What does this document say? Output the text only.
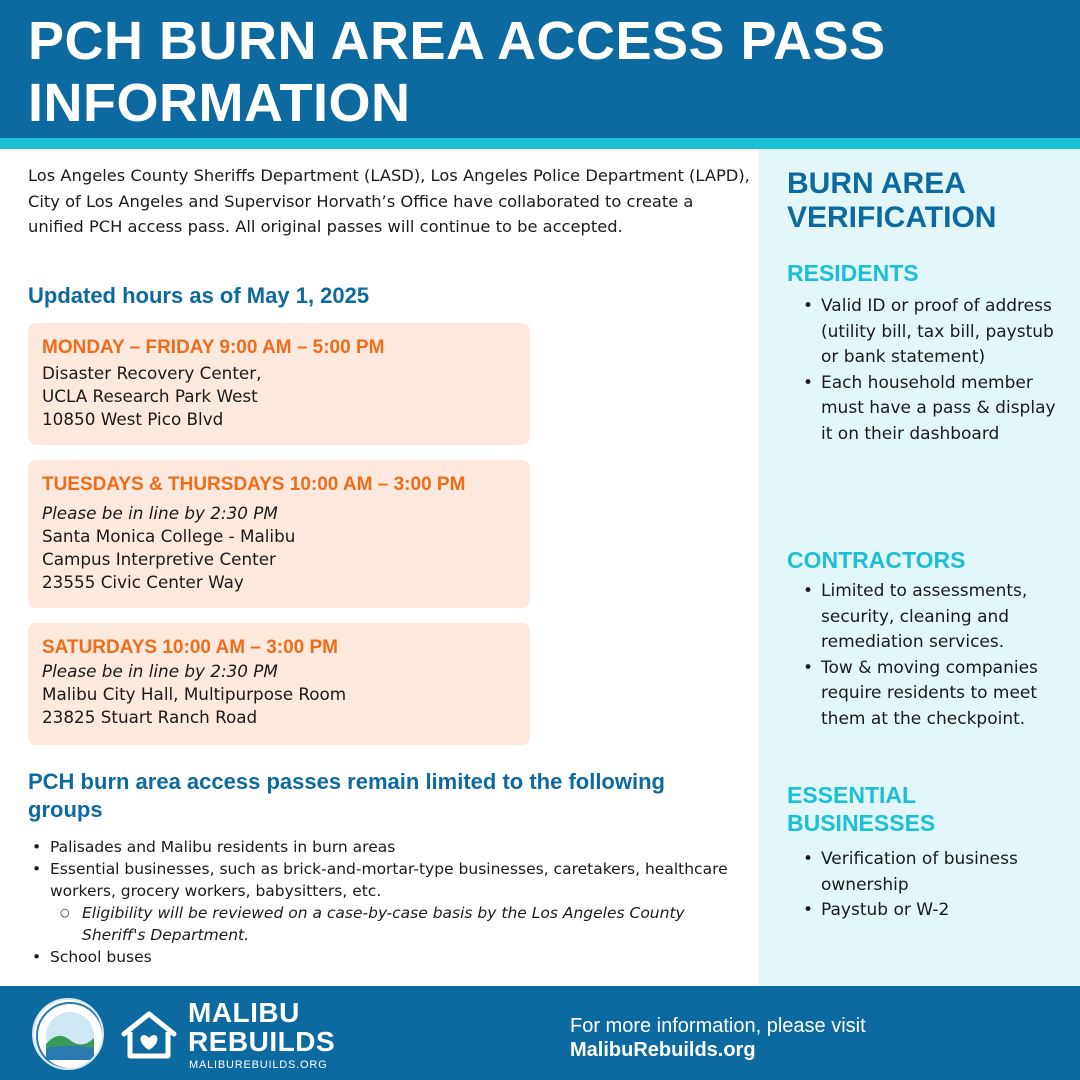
PCH BURN AREA ACCESS PASS INFORMATION

Los Angeles County Sheriffs Department (LASD), Los Angeles Police Department (LAPD), City of Los Angeles and Supervisor Horvath’s Office have collaborated to create a unified PCH access pass. All original passes will continue to be accepted.

Updated hours as of May 1, 2025
MONDAY – FRIDAY 9:00 AM – 5:00 PM
Disaster Recovery Center,
UCLA Research Park West
10850 West Pico Blvd
TUESDAYS & THURSDAYS 10:00 AM – 3:00 PM
Please be in line by 2:30 PM
Santa Monica College - Malibu
Campus Interpretive Center
23555 Civic Center Way
SATURDAYS 10:00 AM – 3:00 PM
Please be in line by 2:30 PM
Malibu City Hall, Multipurpose Room
23825 Stuart Ranch Road
PCH burn area access passes remain limited to the following groups
• Palisades and Malibu residents in burn areas
• Essential businesses, such as brick-and-mortar-type businesses, caretakers, healthcare workers, grocery workers, babysitters, etc.
○ Eligibility will be reviewed on a case-by-case basis by the Los Angeles County Sheriff's Department.
• School buses
BURN AREA VERIFICATION
RESIDENTS
• Valid ID or proof of address (utility bill, tax bill, paystub or bank statement)
• Each household member must have a pass & display it on their dashboard
CONTRACTORS
• Limited to assessments, security, cleaning and remediation services.
• Tow & moving companies require residents to meet them at the checkpoint.
ESSENTIAL BUSINESSES
• Verification of business ownership
• Paystub or W-2
MALIBU
REBUILDS
MALIBUREBUILDS.ORG
For more information, please visit
MalibuRebuilds.org
